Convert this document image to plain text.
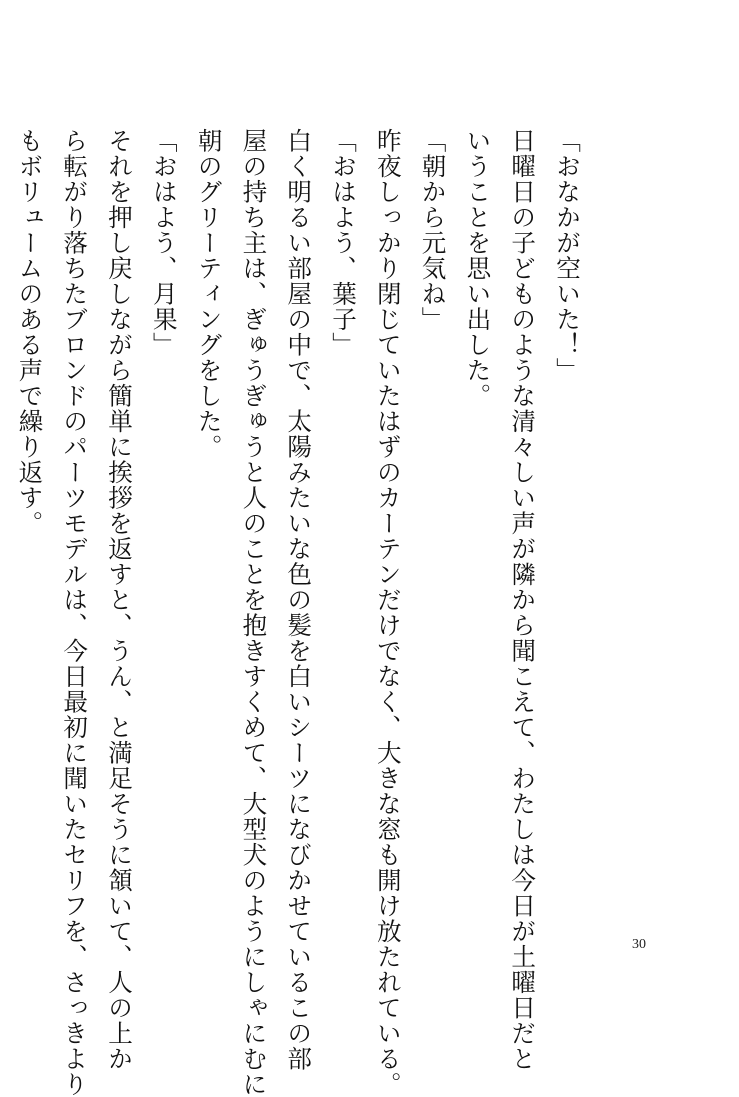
「おなかが空いた！」

日曜日の子どものような清々しい声が隣から聞こえて、わたしは今日が土曜日だと

いうことを思い出した。

「朝から元気ね」

昨夜しっかり閉じていたはずのカーテンだけでなく、大きな窓も開け放たれている。

「おはよう、葉子」

白く明るい部屋の中で、太陽みたいな色の髪を白いシーツになびかせているこの部

屋の持ち主は、ぎゅうぎゅうと人のことを抱きすくめて、大型犬のようにしゃにむに

朝のグリーティングをした。

「おはよう、月果」

それを押し戻しながら簡単に挨拶を返すと、うん、と満足そうに頷いて、人の上か

ら転がり落ちたブロンドのパーツモデルは、今日最初に聞いたセリフを、さっきより

もボリュームのある声で繰り返す。

30
